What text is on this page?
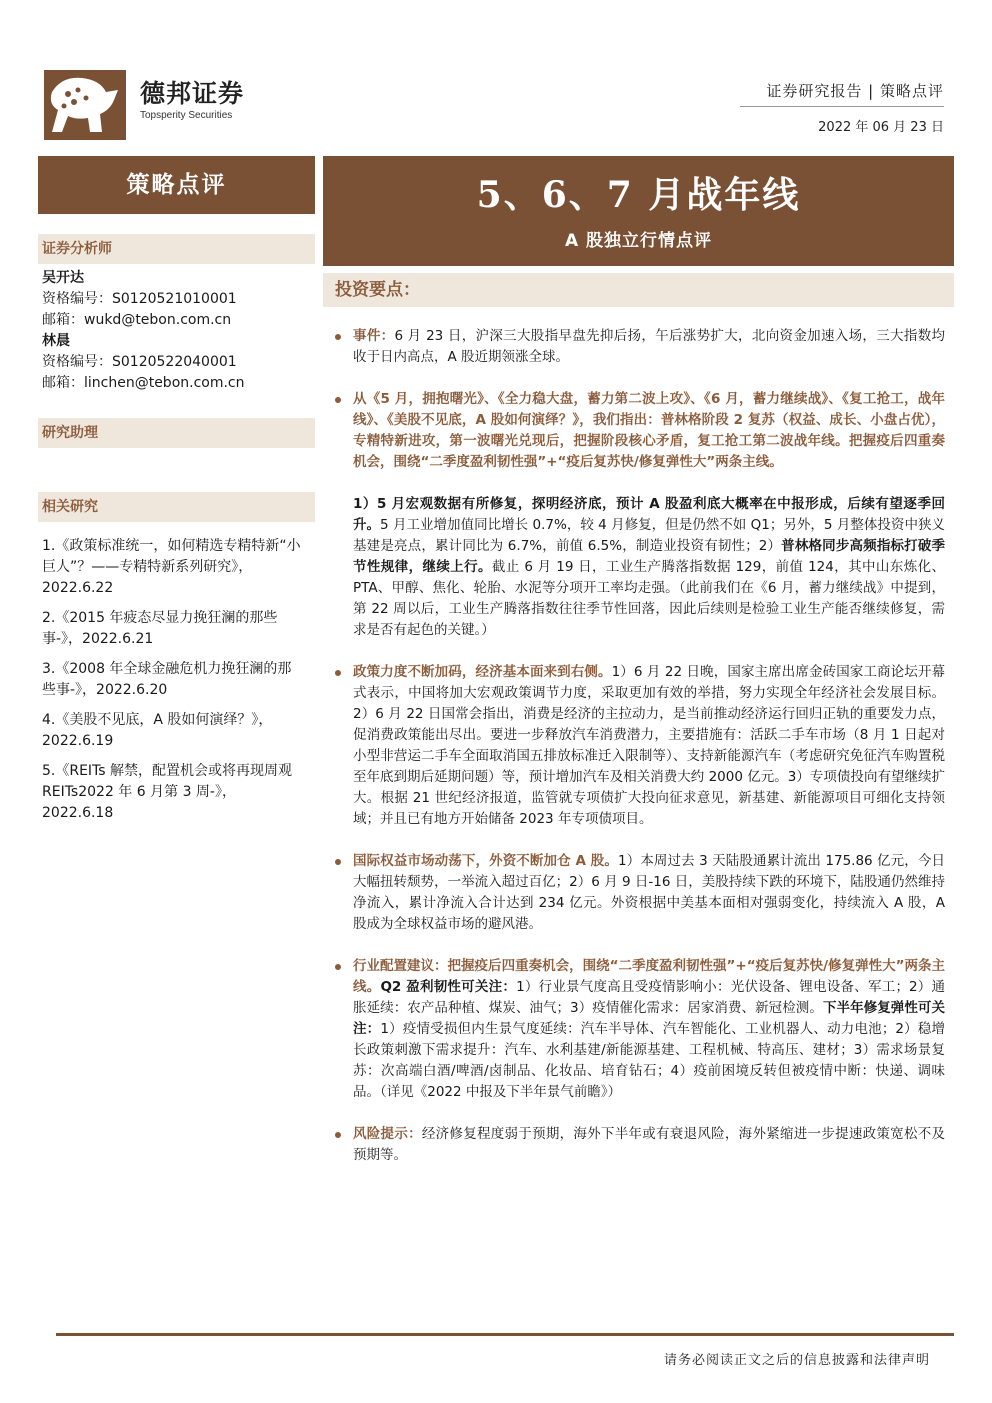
德邦证券
Topsperity Securities
证券研究报告 | 策略点评
2022 年 06 月 23 日
策略点评
证券分析师
吴开达
资格编号：S0120521010001
邮箱：wukd@tebon.com.cn
林晨
资格编号：S0120522040001
邮箱：linchen@tebon.com.cn
研究助理
相关研究
1.《政策标准统一，如何精选专精特新“小巨人”？——专精特新系列研究》，2022.6.22
2.《2015 年疲态尽显力挽狂澜的那些事-》，2022.6.21
3.《2008 年全球金融危机力挽狂澜的那些事-》，2022.6.20
4.《美股不见底，A 股如何演绎？》，2022.6.19
5.《REITs 解禁，配置机会或将再现周观 REITs2022 年 6 月第 3 周-》，2022.6.18
5、6、7 月战年线
A 股独立行情点评
投资要点：
事件：6 月 23 日，沪深三大股指早盘先抑后扬，午后涨势扩大，北向资金加速入场，三大指数均收于日内高点，A 股近期领涨全球。
从《5 月，拥抱曙光》、《全力稳大盘，蓄力第二波上攻》、《6 月，蓄力继续战》、《复工抢工，战年线》、《美股不见底，A 股如何演绎？》，我们指出：普林格阶段 2 复苏（权益、成长、小盘占优），专精特新进攻，第一波曙光兑现后，把握阶段核心矛盾，复工抢工第二波战年线。把握疫后四重奏机会，围绕“二季度盈利韧性强”+“疫后复苏快/修复弹性大”两条主线。
1）5 月宏观数据有所修复，探明经济底，预计 A 股盈利底大概率在中报形成，后续有望逐季回升。5 月工业增加值同比增长 0.7%，较 4 月修复，但是仍然不如 Q1；另外，5 月整体投资中狭义基建是亮点，累计同比为 6.7%，前值 6.5%，制造业投资有韧性；2）普林格同步高频指标打破季节性规律，继续上行。截止 6 月 19 日，工业生产腾落指数据 129，前值 124，其中山东炼化、PTA、甲醇、焦化、轮胎、水泥等分项开工率均走强。（此前我们在《6 月，蓄力继续战》中提到，第 22 周以后，工业生产腾落指数往往季节性回落，因此后续则是检验工业生产能否继续修复，需求是否有起色的关键。）
政策力度不断加码，经济基本面来到右侧。1）6 月 22 日晚，国家主席出席金砖国家工商论坛开幕式表示，中国将加大宏观政策调节力度，采取更加有效的举措，努力实现全年经济社会发展目标。2）6 月 22 日国常会指出，消费是经济的主拉动力，是当前推动经济运行回归正轨的重要发力点，促消费政策能出尽出。要进一步释放汽车消费潜力，主要措施有：活跃二手车市场（8 月 1 日起对小型非营运二手车全面取消国五排放标准迁入限制等）、支持新能源汽车（考虑研究免征汽车购置税至年底到期后延期问题）等，预计增加汽车及相关消费大约 2000 亿元。3）专项债投向有望继续扩大。根据 21 世纪经济报道，监管就专项债扩大投向征求意见，新基建、新能源项目可细化支持领域；并且已有地方开始储备 2023 年专项债项目。
国际权益市场动荡下，外资不断加仓 A 股。1）本周过去 3 天陆股通累计流出 175.86 亿元，今日大幅扭转颓势，一举流入超过百亿；2）6 月 9 日-16 日，美股持续下跌的环境下，陆股通仍然维持净流入，累计净流入合计达到 234 亿元。外资根据中美基本面相对强弱变化，持续流入 A 股，A 股成为全球权益市场的避风港。
行业配置建议：把握疫后四重奏机会，围绕“二季度盈利韧性强”+“疫后复苏快/修复弹性大”两条主线。Q2 盈利韧性可关注：1）行业景气度高且受疫情影响小：光伏设备、锂电设备、军工；2）通胀延续：农产品种植、煤炭、油气；3）疫情催化需求：居家消费、新冠检测。下半年修复弹性可关注：1）疫情受损但内生景气度延续：汽车半导体、汽车智能化、工业机器人、动力电池；2）稳增长政策刺激下需求提升：汽车、水利基建/新能源基建、工程机械、特高压、建材；3）需求场景复苏：次高端白酒/啤酒/卤制品、化妆品、培育钻石；4）疫前困境反转但被疫情中断：快递、调味品。（详见《2022 中报及下半年景气前瞻》）
风险提示：经济修复程度弱于预期，海外下半年或有衰退风险，海外紧缩进一步提速政策宽松不及预期等。
请务必阅读正文之后的信息披露和法律声明
